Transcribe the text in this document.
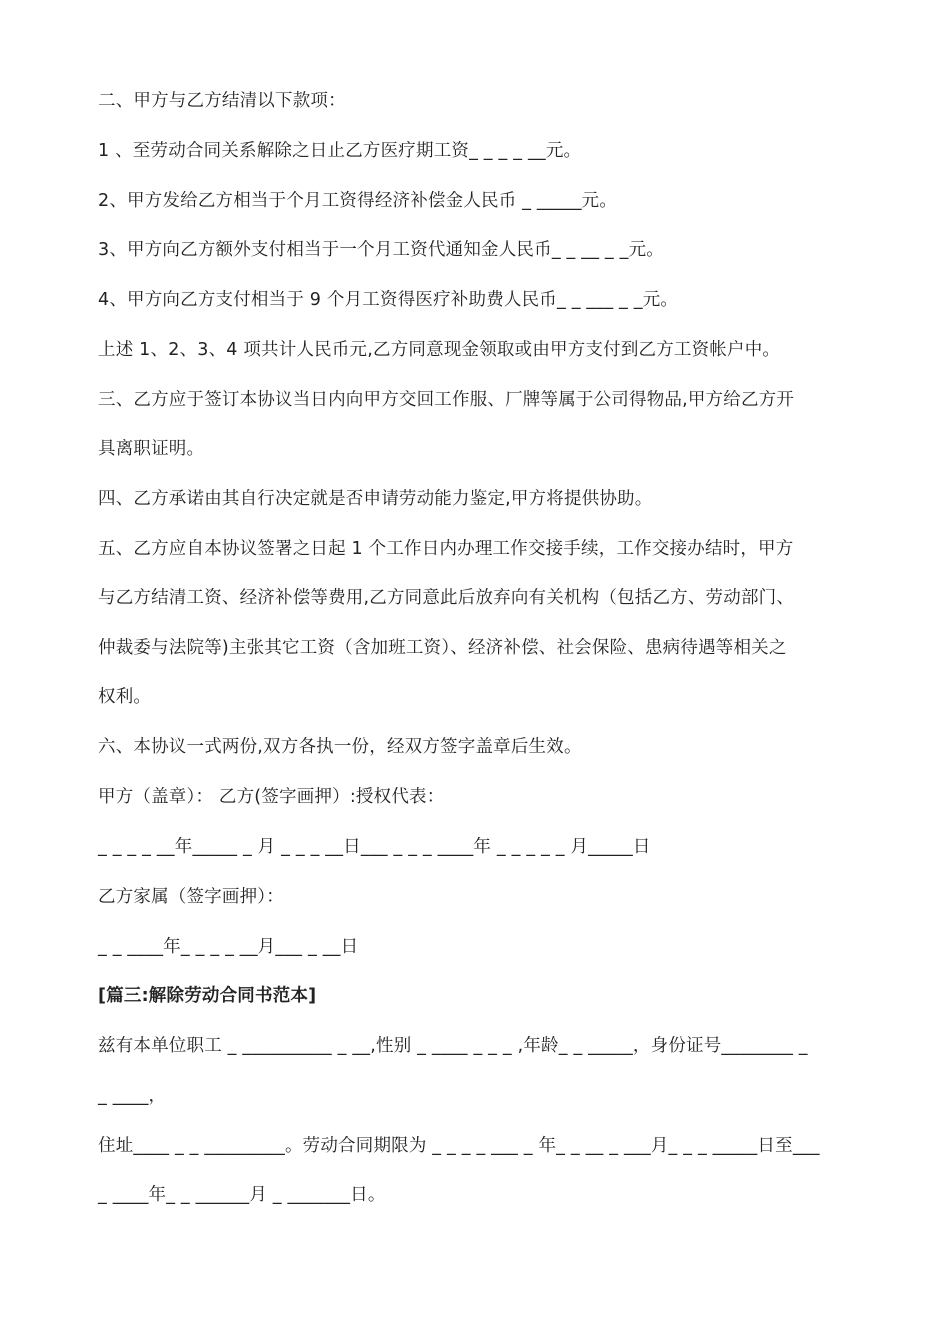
二、甲方与乙方结清以下款项：
1 、至劳动合同关系解除之日止乙方医疗期工资_ _ _ _ __元。
2、甲方发给乙方相当于个月工资得经济补偿金人民币 _ _____元。
3、甲方向乙方额外支付相当于一个月工资代通知金人民币_ _ __ _ _元。
4、甲方向乙方支付相当于 9 个月工资得医疗补助费人民币_ _ ___ _ _元。
上述 1、2、3、4 项共计人民币元,乙方同意现金领取或由甲方支付到乙方工资帐户中。
三、乙方应于签订本协议当日内向甲方交回工作服、厂牌等属于公司得物品,甲方给乙方开
具离职证明。
四、乙方承诺由其自行决定就是否申请劳动能力鉴定,甲方将提供协助。
五、乙方应自本协议签署之日起 1 个工作日内办理工作交接手续，工作交接办结时，甲方
与乙方结清工资、经济补偿等费用,乙方同意此后放弃向有关机构（包括乙方、劳动部门、
仲裁委与法院等)主张其它工资（含加班工资）、经济补偿、社会保险、患病待遇等相关之
权利。
六、本协议一式两份,双方各执一份，经双方签字盖章后生效。
甲方（盖章）： 乙方(签字画押）:授权代表：
_ _ _ _ __年_____ _ 月 _ _ _ __日___ _ _ _ ____年 _ _ _ _ _ 月_____日
乙方家属（签字画押）：
_ _ ____年_ _ _ _ __月___ _ __日
[篇三:解除劳动合同书范本]
兹有本单位职工 _ __________ _ __,性别 _ ____ _ _ _ ,年龄_ _ _____，身份证号________ _
_ ____，
住址____ _ _ _________。劳动合同期限为 _ _ _ _ ___ _ 年_ _ __ _ ___月_ _ _ _____日至___
_ ____年_ _ ______月 _ _______日。
